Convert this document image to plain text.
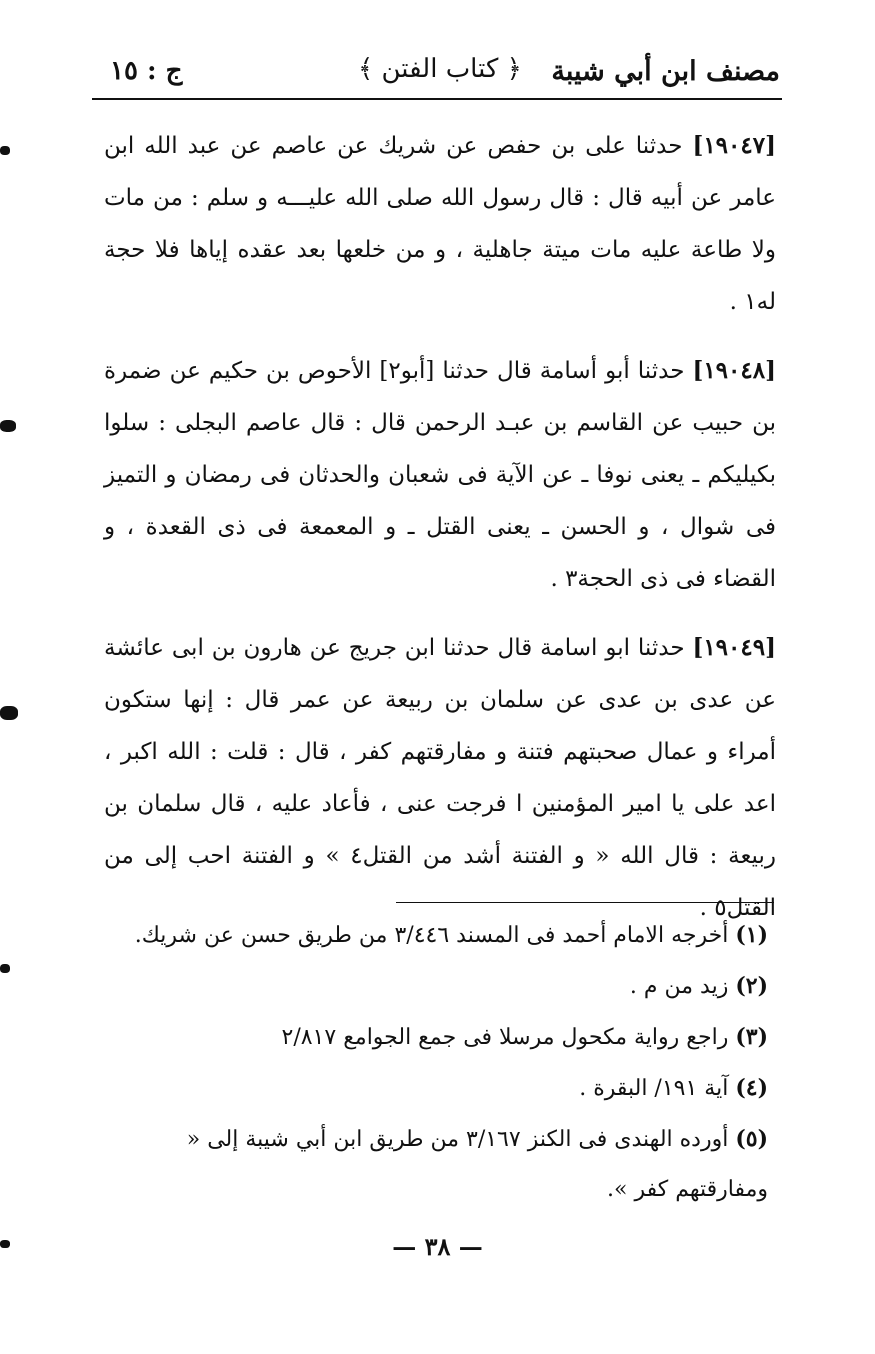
مصنف ابن أبي شيبة
﴿ كتاب الفتن ﴾
ج : ١٥

[١٩٠٤٧] حدثنا على بن حفص عن شريك عن عاصم عن عبد الله ابن عامر عن أبيه قال : قال رسول الله صلى الله عليـــه و سلم : من مات ولا طاعة عليه مات ميتة جاهلية ، و من خلعها بعد عقده إياها فلا حجة له١ .

[١٩٠٤٨] حدثنا أبو أسامة قال حدثنا [أبو٢] الأحوص بن حكيم عن ضمرة بن حبيب عن القاسم بن عبـد الرحمن قال : قال عاصم البجلى : سلوا بكيليكم ـ يعنى نوفا ـ عن الآية فى شعبان والحدثان فى رمضان و التميز فى شوال ، و الحسن ـ يعنى القتل ـ و المعمعة فى ذى القعدة ، و القضاء فى ذى الحجة٣ .

[١٩٠٤٩] حدثنا ابو اسامة قال حدثنا ابن جريج عن هارون بن ابى عائشة عن عدى بن عدى عن سلمان بن ربيعة عن عمر قال : إنها ستكون أمراء و عمال صحبتهم فتنة و مفارقتهم كفر ، قال : قلت : الله اكبر ، اعد على يا امير المؤمنين ا فرجت عنى ، فأعاد عليه ، قال سلمان بن ربيعة : قال الله « و الفتنة أشد من القتل٤ » و الفتنة احب إلى من القتل٥ .

(١) أخرجه الامام أحمد فى المسند ٣/٤٤٦ من طريق حسن عن شريك.

(٢) زيد من م .

(٣) راجع رواية مكحول مرسلا فى جمع الجوامع ٢/٨١٧

(٤) آية ١٩١/ البقرة .

(٥) أورده الهندى فى الكنز ٣/١٦٧ من طريق ابن أبي شيبة إلى « ومفارقتهم كفر ».

— ٣٨ —
